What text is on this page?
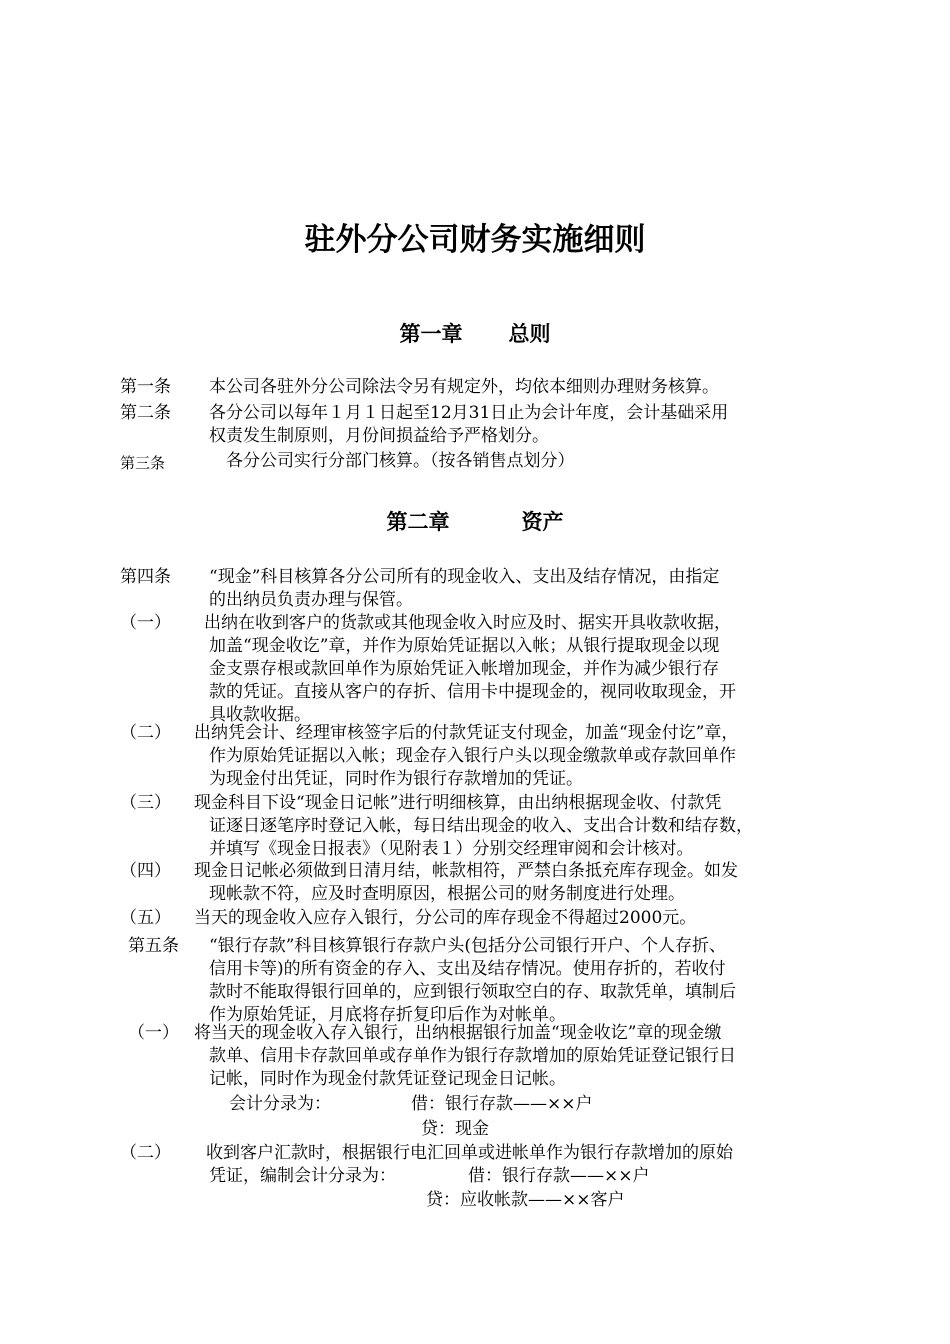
驻外分公司财务实施细则
第一章 总则
第一条 本公司各驻外分公司除法令另有规定外，均依本细则办理财务核算。
第二条 各分公司以每年１月１日起至12月31日止为会计年度，会计基础采用
权责发生制原则，月份间损益给予严格划分。
第三条	各分公司实行分部门核算。（按各销售点划分）
第二章	资产
第四条 “现金”科目核算各分公司所有的现金收入、支出及结存情况，由指定
的出纳员负责办理与保管。
（一） 出纳在收到客户的货款或其他现金收入时应及时、据实开具收款收据，
加盖“现金收讫”章，并作为原始凭证据以入帐；从银行提取现金以现
金支票存根或款回单作为原始凭证入帐增加现金，并作为减少银行存
款的凭证。直接从客户的存折、信用卡中提现金的，视同收取现金，开
具收款收据。
（二） 出纳凭会计、经理审核签字后的付款凭证支付现金，加盖“现金付讫”章，
作为原始凭证据以入帐；现金存入银行户头以现金缴款单或存款回单作
为现金付出凭证，同时作为银行存款增加的凭证。
（三） 现金科目下设“现金日记帐”进行明细核算，由出纳根据现金收、付款凭
证逐日逐笔序时登记入帐，每日结出现金的收入、支出合计数和结存数，
并填写《现金日报表》（见附表１）分别交经理审阅和会计核对。
（四） 现金日记帐必须做到日清月结，帐款相符，严禁白条抵充库存现金。如发
现帐款不符，应及时查明原因，根据公司的财务制度进行处理。
（五） 当天的现金收入应存入银行，分公司的库存现金不得超过2000元。
第五条 “银行存款”科目核算银行存款户头(包括分公司银行开户、个人存折、
信用卡等)的所有资金的存入、支出及结存情况。使用存折的，若收付
款时不能取得银行回单的，应到银行领取空白的存、取款凭单，填制后
作为原始凭证，月底将存折复印后作为对帐单。
（一） 将当天的现金收入存入银行，出纳根据银行加盖“现金收讫”章的现金缴
款单、信用卡存款回单或存单作为银行存款增加的原始凭证登记银行日
记帐，同时作为现金付款凭证登记现金日记帐。
会计分录为：	借：银行存款——××户
贷：现金
（二） 收到客户汇款时，根据银行电汇回单或进帐单作为银行存款增加的原始
凭证，编制会计分录为：	借：银行存款——××户
贷：应收帐款——××客户
